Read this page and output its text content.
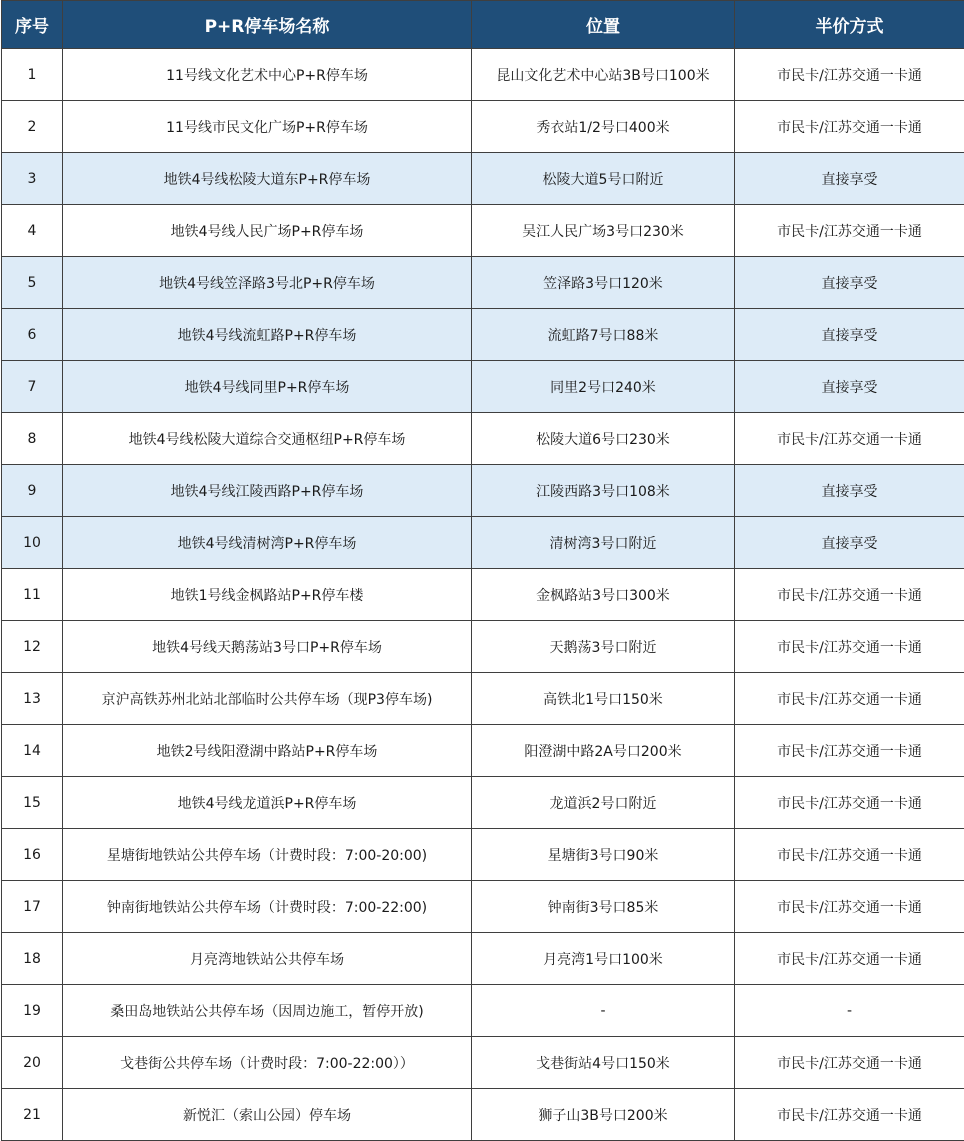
序号	P+R停车场名称	位置	半价方式
1	11号线文化艺术中心P+R停车场	昆山文化艺术中心站3B号口100米	市民卡/江苏交通一卡通
2	11号线市民文化广场P+R停车场	秀衣站1/2号口400米	市民卡/江苏交通一卡通
3	地铁4号线松陵大道东P+R停车场	松陵大道5号口附近	直接享受
4	地铁4号线人民广场P+R停车场	吴江人民广场3号口230米	市民卡/江苏交通一卡通
5	地铁4号线笠泽路3号北P+R停车场	笠泽路3号口120米	直接享受
6	地铁4号线流虹路P+R停车场	流虹路7号口88米	直接享受
7	地铁4号线同里P+R停车场	同里2号口240米	直接享受
8	地铁4号线松陵大道综合交通枢纽P+R停车场	松陵大道6号口230米	市民卡/江苏交通一卡通
9	地铁4号线江陵西路P+R停车场	江陵西路3号口108米	直接享受
10	地铁4号线清树湾P+R停车场	清树湾3号口附近	直接享受
11	地铁1号线金枫路站P+R停车楼	金枫路站3号口300米	市民卡/江苏交通一卡通
12	地铁4号线天鹅荡站3号口P+R停车场	天鹅荡3号口附近	市民卡/江苏交通一卡通
13	京沪高铁苏州北站北部临时公共停车场（现P3停车场)	高铁北1号口150米	市民卡/江苏交通一卡通
14	地铁2号线阳澄湖中路站P+R停车场	阳澄湖中路2A号口200米	市民卡/江苏交通一卡通
15	地铁4号线龙道浜P+R停车场	龙道浜2号口附近	市民卡/江苏交通一卡通
16	星塘街地铁站公共停车场（计费时段：7:00-20:00)	星塘街3号口90米	市民卡/江苏交通一卡通
17	钟南街地铁站公共停车场（计费时段：7:00-22:00)	钟南街3号口85米	市民卡/江苏交通一卡通
18	月亮湾地铁站公共停车场	月亮湾1号口100米	市民卡/江苏交通一卡通
19	桑田岛地铁站公共停车场（因周边施工，暂停开放)	-	-
20	戈巷街公共停车场（计费时段：7:00-22:00））	戈巷街站4号口150米	市民卡/江苏交通一卡通
21	新悦汇（索山公园）停车场	狮子山3B号口200米	市民卡/江苏交通一卡通
